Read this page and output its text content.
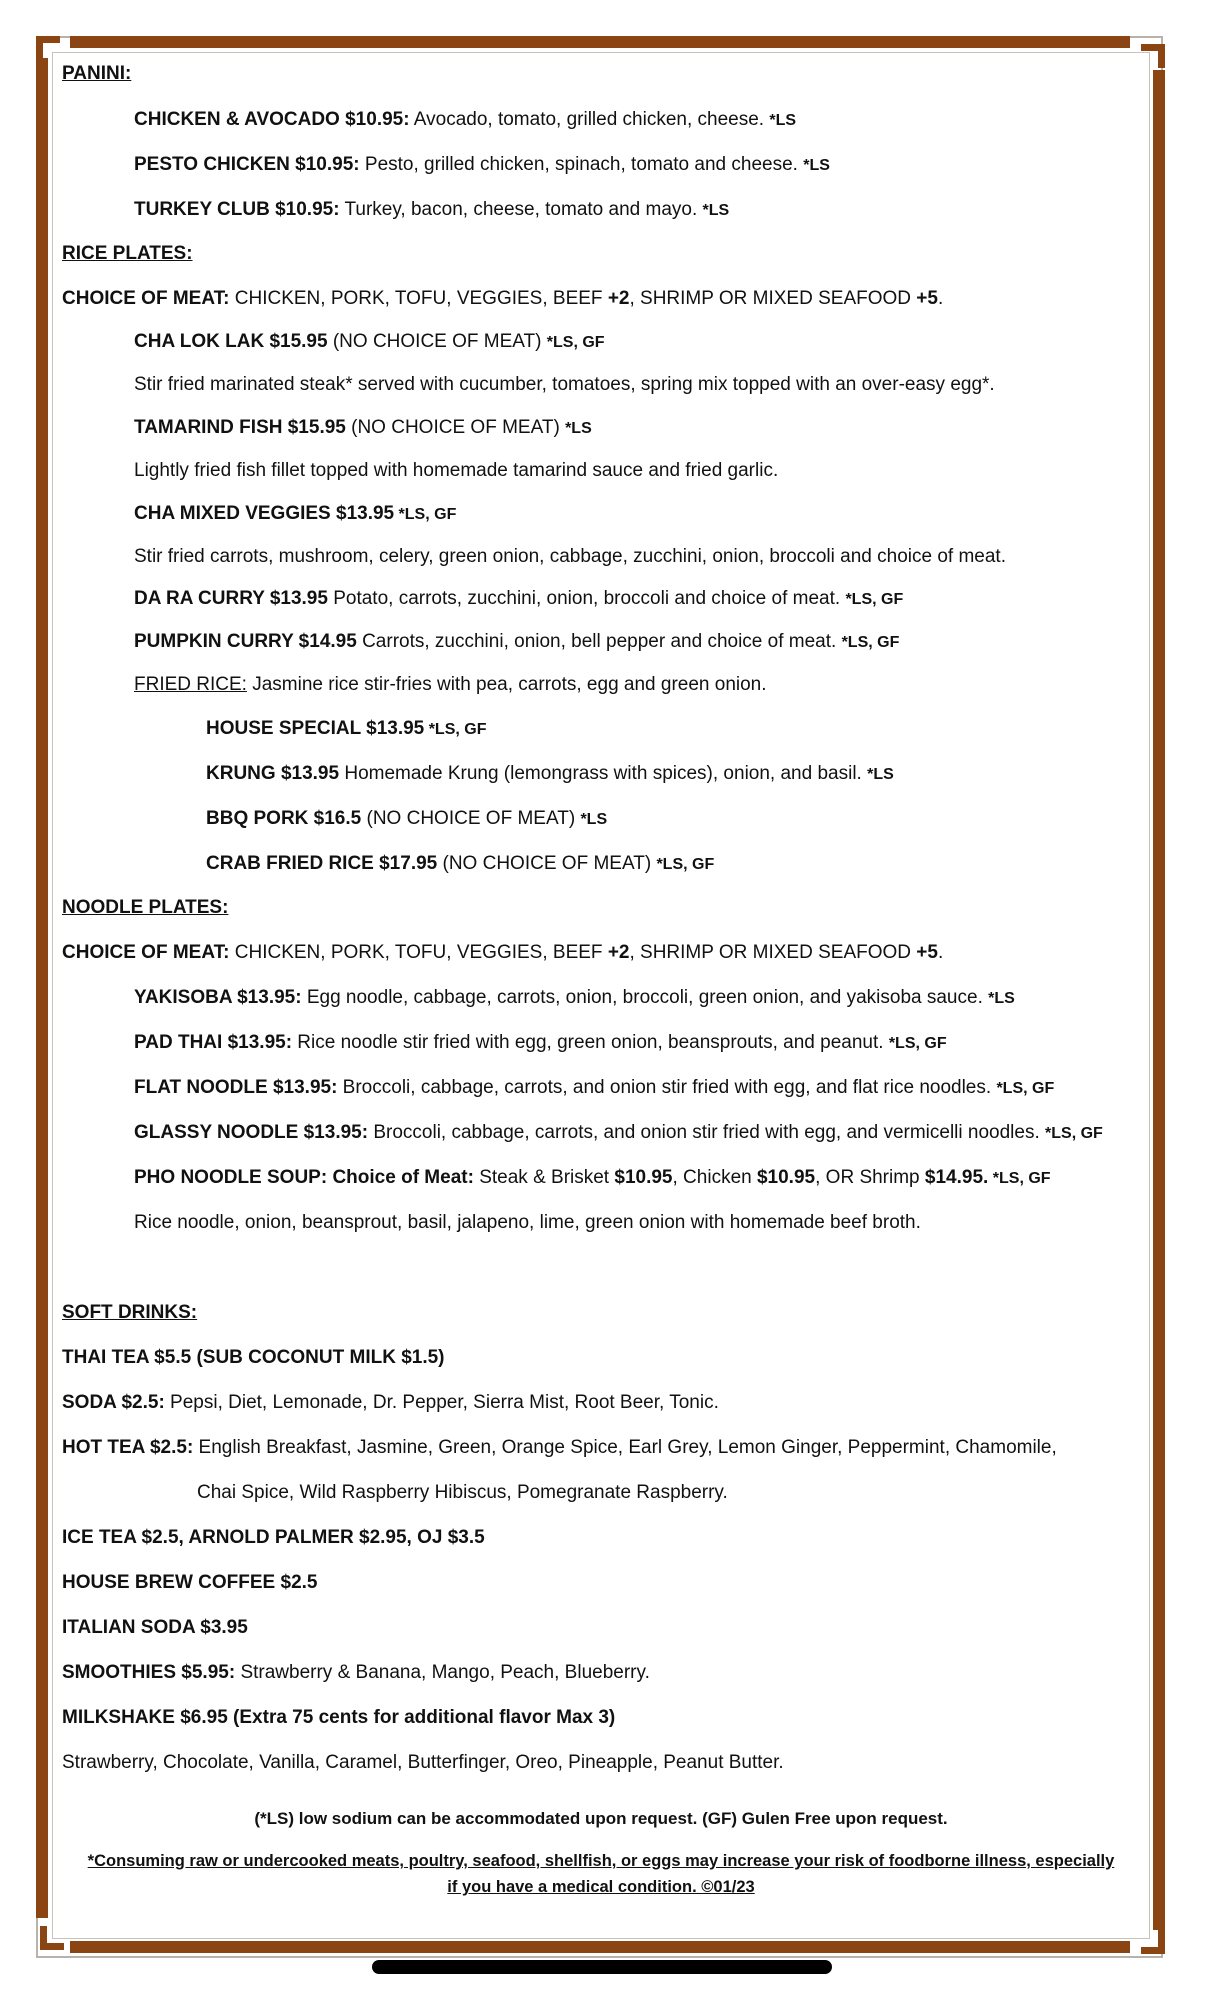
PANINI:
CHICKEN & AVOCADO $10.95: Avocado, tomato, grilled chicken, cheese. *LS
PESTO CHICKEN $10.95: Pesto, grilled chicken, spinach, tomato and cheese. *LS
TURKEY CLUB $10.95: Turkey, bacon, cheese, tomato and mayo. *LS
RICE PLATES:
CHOICE OF MEAT: CHICKEN, PORK, TOFU, VEGGIES, BEEF +2, SHRIMP OR MIXED SEAFOOD +5.
CHA LOK LAK $15.95 (NO CHOICE OF MEAT) *LS, GF
Stir fried marinated steak* served with cucumber, tomatoes, spring mix topped with an over-easy egg*.
TAMARIND FISH $15.95 (NO CHOICE OF MEAT) *LS
Lightly fried fish fillet topped with homemade tamarind sauce and fried garlic.
CHA MIXED VEGGIES $13.95 *LS, GF
Stir fried carrots, mushroom, celery, green onion, cabbage, zucchini, onion, broccoli and choice of meat.
DA RA CURRY $13.95 Potato, carrots, zucchini, onion, broccoli and choice of meat. *LS, GF
PUMPKIN CURRY $14.95 Carrots, zucchini, onion, bell pepper and choice of meat. *LS, GF
FRIED RICE: Jasmine rice stir-fries with pea, carrots, egg and green onion.
HOUSE SPECIAL $13.95 *LS, GF
KRUNG $13.95 Homemade Krung (lemongrass with spices), onion, and basil. *LS
BBQ PORK $16.5 (NO CHOICE OF MEAT) *LS
CRAB FRIED RICE $17.95 (NO CHOICE OF MEAT) *LS, GF
NOODLE PLATES:
CHOICE OF MEAT: CHICKEN, PORK, TOFU, VEGGIES, BEEF +2, SHRIMP OR MIXED SEAFOOD +5.
YAKISOBA $13.95: Egg noodle, cabbage, carrots, onion, broccoli, green onion, and yakisoba sauce. *LS
PAD THAI $13.95: Rice noodle stir fried with egg, green onion, beansprouts, and peanut. *LS, GF
FLAT NOODLE $13.95: Broccoli, cabbage, carrots, and onion stir fried with egg, and flat rice noodles. *LS, GF
GLASSY NOODLE $13.95: Broccoli, cabbage, carrots, and onion stir fried with egg, and vermicelli noodles. *LS, GF
PHO NOODLE SOUP: Choice of Meat: Steak & Brisket $10.95, Chicken $10.95, OR Shrimp $14.95. *LS, GF
Rice noodle, onion, beansprout, basil, jalapeno, lime, green onion with homemade beef broth.
SOFT DRINKS:
THAI TEA $5.5 (SUB COCONUT MILK $1.5)
SODA $2.5: Pepsi, Diet, Lemonade, Dr. Pepper, Sierra Mist, Root Beer, Tonic.
HOT TEA $2.5: English Breakfast, Jasmine, Green, Orange Spice, Earl Grey, Lemon Ginger, Peppermint, Chamomile,
Chai Spice, Wild Raspberry Hibiscus, Pomegranate Raspberry.
ICE TEA $2.5, ARNOLD PALMER $2.95, OJ $3.5
HOUSE BREW COFFEE $2.5
ITALIAN SODA $3.95
SMOOTHIES $5.95: Strawberry & Banana, Mango, Peach, Blueberry.
MILKSHAKE $6.95 (Extra 75 cents for additional flavor Max 3)
Strawberry, Chocolate, Vanilla, Caramel, Butterfinger, Oreo, Pineapple, Peanut Butter.
(*LS) low sodium can be accommodated upon request. (GF) Gulen Free upon request.
*Consuming raw or undercooked meats, poultry, seafood, shellfish, or eggs may increase your risk of foodborne illness, especially
if you have a medical condition. ©01/23
